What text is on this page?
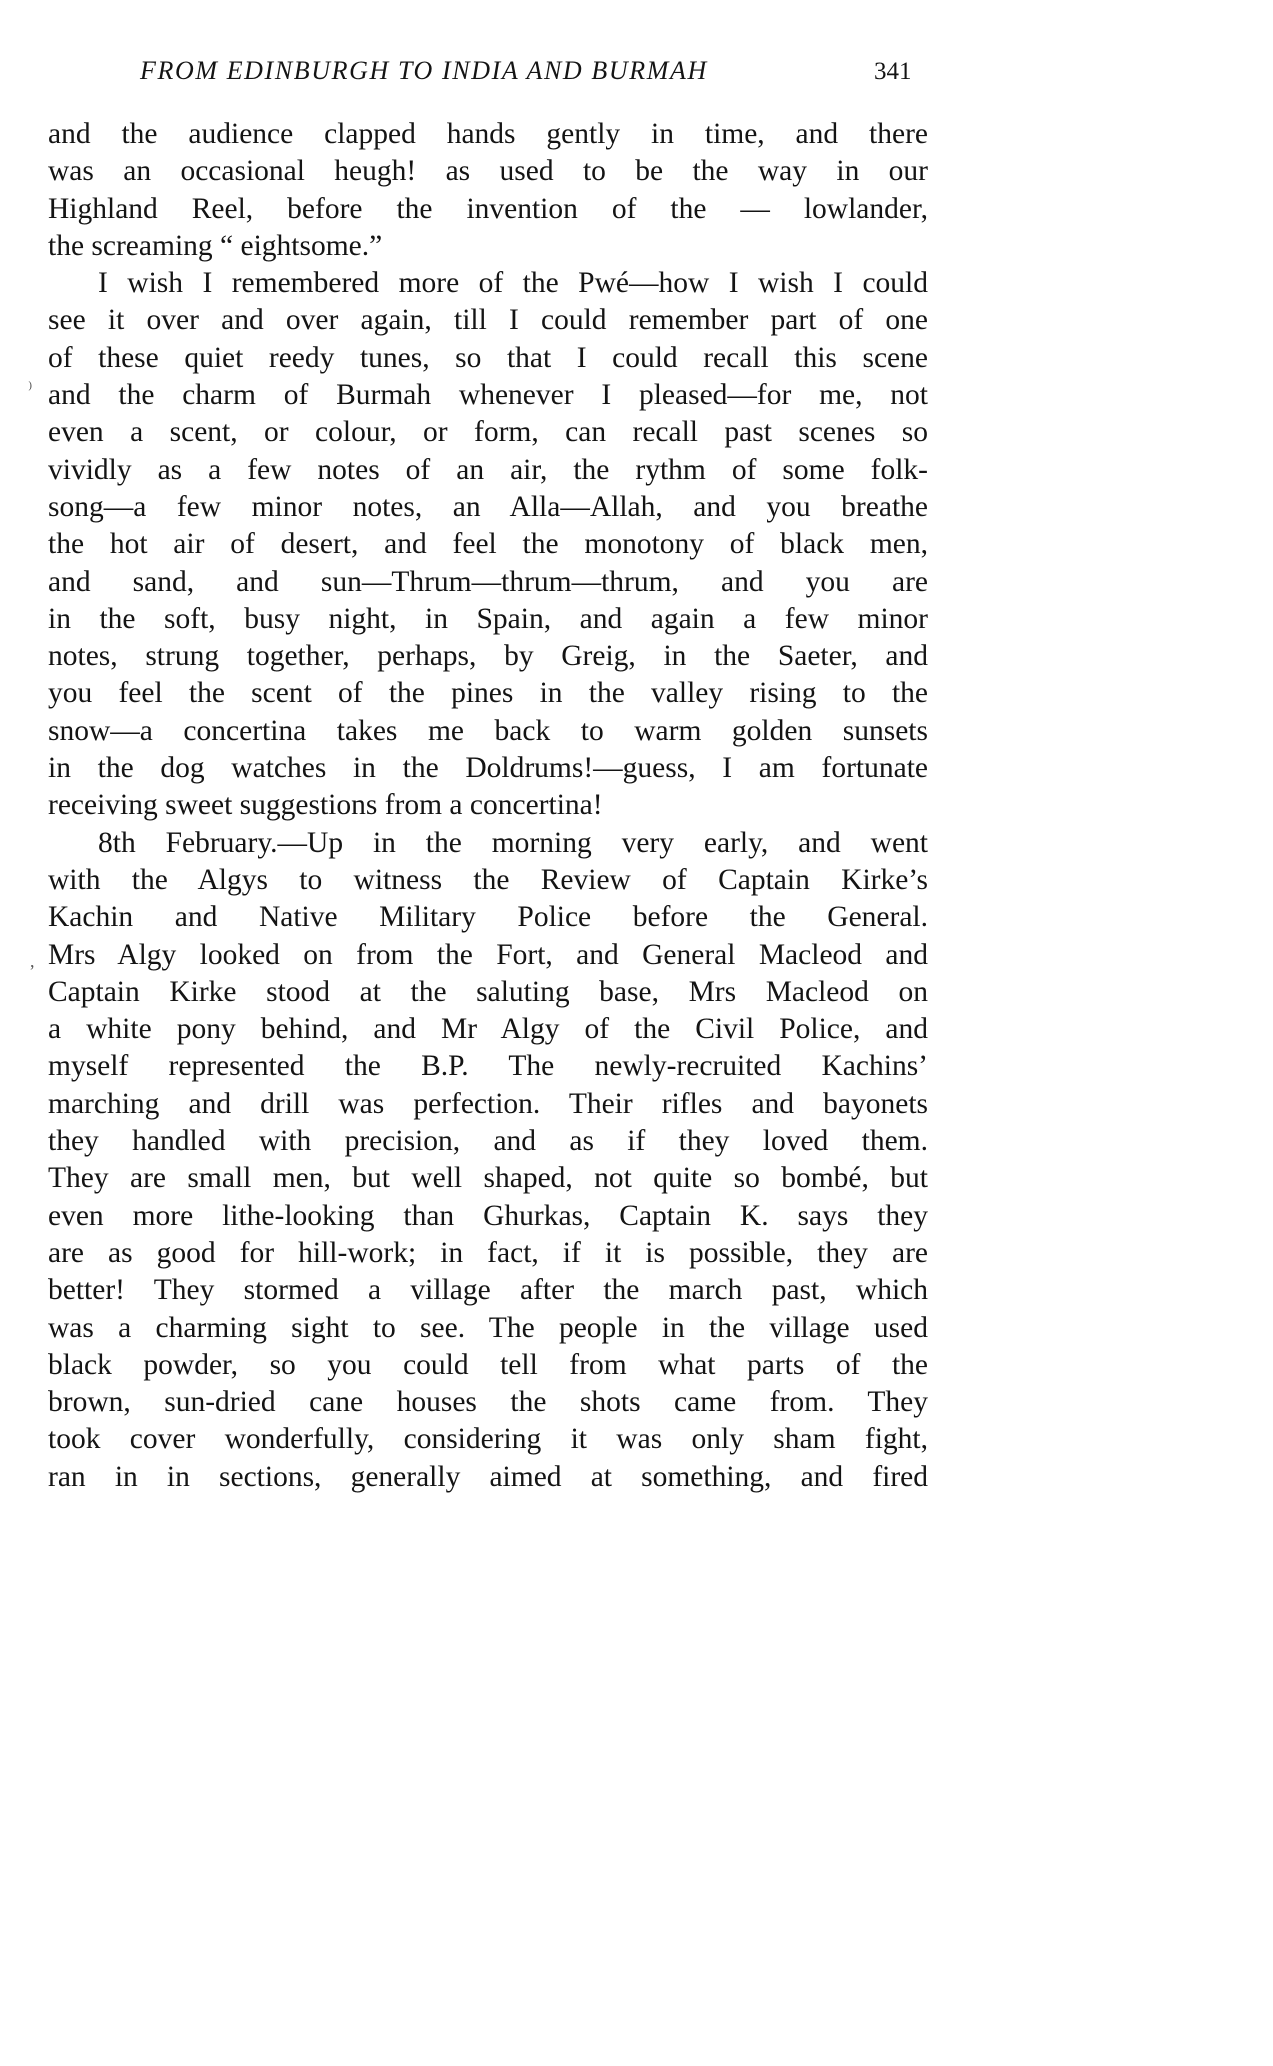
FROM EDINBURGH TO INDIA AND BURMAH	341
and the audience clapped hands gently in time, and there
was an occasional heugh! as used to be the way in our
Highland Reel, before the invention of the — lowlander,
the screaming “ eightsome.”
I wish I remembered more of the Pwé—how I wish I could
see it over and over again, till I could remember part of one
of these quiet reedy tunes, so that I could recall this scene
and the charm of Burmah whenever I pleased—for me, not
even a scent, or colour, or form, can recall past scenes so
vividly as a few notes of an air, the rythm of some folk-
song—a few minor notes, an Alla—Allah, and you breathe
the hot air of desert, and feel the monotony of black men,
and sand, and sun—Thrum—thrum—thrum, and you are
in the soft, busy night, in Spain, and again a few minor
notes, strung together, perhaps, by Greig, in the Saeter, and
you feel the scent of the pines in the valley rising to the
snow—a concertina takes me back to warm golden sunsets
in the dog watches in the Doldrums!—guess, I am fortunate
receiving sweet suggestions from a concertina!
8th February.—Up in the morning very early, and went
with the Algys to witness the Review of Captain Kirke’s
Kachin and Native Military Police before the General.
Mrs Algy looked on from the Fort, and General Macleod and
Captain Kirke stood at the saluting base, Mrs Macleod on
a white pony behind, and Mr Algy of the Civil Police, and
myself represented the B.P. The newly-recruited Kachins’
marching and drill was perfection. Their rifles and bayonets
they handled with precision, and as if they loved them.
They are small men, but well shaped, not quite so bombé, but
even more lithe-looking than Ghurkas, Captain K. says they
are as good for hill-work; in fact, if it is possible, they are
better! They stormed a village after the march past, which
was a charming sight to see. The people in the village used
black powder, so you could tell from what parts of the
brown, sun-dried cane houses the shots came from. They
took cover wonderfully, considering it was only sham fight,
ran in in sections, generally aimed at something, and fired
⁾
,
